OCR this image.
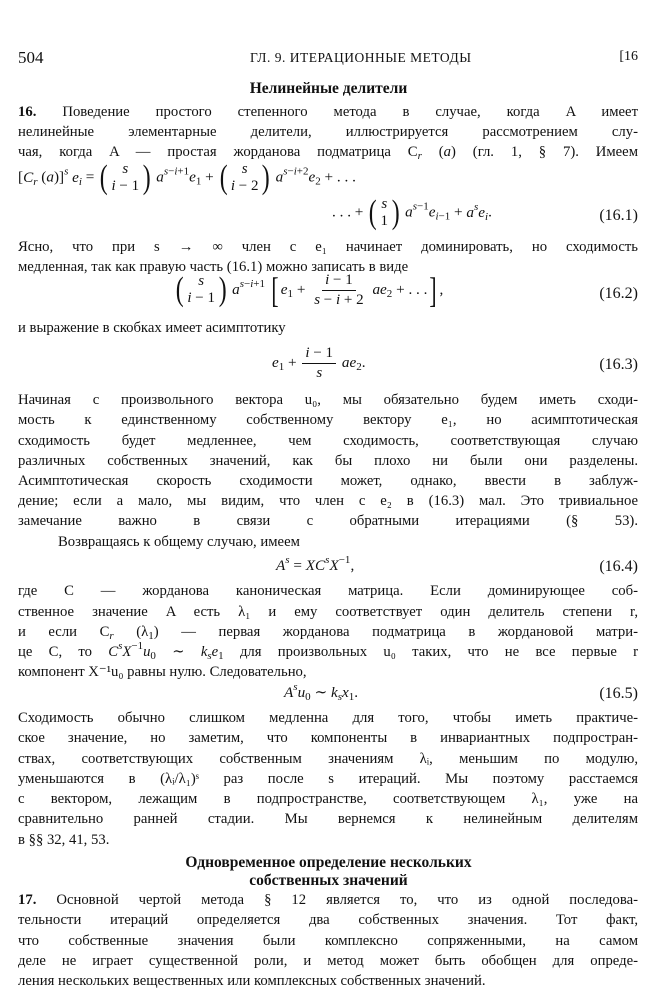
504	ГЛ. 9. ИТЕРАЦИОННЫЕ МЕТОДЫ	[16
Нелинейные делители
16. Поведение простого степенного метода в случае, когда A имеет
нелинейные элементарные делители, иллюстрируется рассмотрением слу-
чая, когда A — простая жорданова подматрица $C_r$ (a) (гл. 1, § 7). Имеем
[$C_r$ (a)]$^s$ $e_i$ = ( s
i − 1 ) $a^{s-i+1}e_1$ + ( s
i − 2 ) $a^{s-i+2}e_2$ + . . .
. . . + ( s
1 ) $a^{s-1}e_{i-1} + a^se_i$.	(16.1)
Ясно, что при s → ∞ член с e₁ начинает доминировать, но сходимость
медленная, так как правую часть (16.1) можно записать в виде
( s
i − 1 ) $a^{s-i+1}$ [ $e_1 + \frac{i - 1}{s - i + 2} ae_2$ + . . .] ,	(16.2)
и выражение в скобках имеет асимптотику
$e_1 + \frac{i - 1}{s} ae_2$.	(16.3)
Начиная с произвольного вектора u₀, мы обязательно будем иметь сходи-
мость к единственному собственному вектору e₁, но асимптотическая
сходимость будет медленнее, чем сходимость, соответствующая случаю
различных собственных значений, как бы плохо ни были они разделены.
Асимптотическая скорость сходимости может, однако, ввести в заблуж-
дение; если a мало, мы видим, что член с e₂ в (16.3) мал. Это тривиальное
замечание важно в связи с обратными итерациями (§ 53).
Возвращаясь к общему случаю, имеем
$A^s = XC^sX^{-1}$,	(16.4)
где C — жорданова каноническая матрица. Если доминирующее соб-
ственное значение A есть λ₁ и ему соответствует один делитель степени r,
и если $C_r$ $(\lambda_1)$ — первая жорданова подматрица в жордановой матри-
це C, то $C^sX^{-1}u_0$ ∼ $k_se_1$ для произвольных u₀ таких, что не все первые r
компонент X⁻¹u₀ равны нулю. Следовательно,
$A^su_0$ ∼ $k_sx_1$.	(16.5)
Сходимость обычно слишком медленна для того, чтобы иметь практиче-
ское значение, но заметим, что компоненты в инвариантных подпростран-
ствах, соответствующих собственным значениям λᵢ, меньшим по модулю,
уменьшаются в (λᵢ/λ₁)ˢ раз после s итераций. Мы поэтому расстаемся
с вектором, лежащим в подпространстве, соответствующем λ₁, уже на
сравнительно ранней стадии. Мы вернемся к нелинейным делителям
в §§ 32, 41, 53.
Одновременное определение нескольких
собственных значений
17. Основной чертой метода § 12 является то, что из одной последова-
тельности итераций определяется два собственных значения. Тот факт,
что собственные значения были комплексно сопряженными, на самом
деле не играет существенной роли, и метод может быть обобщен для опреде-
ления нескольких вещественных или комплексных собственных значений.
